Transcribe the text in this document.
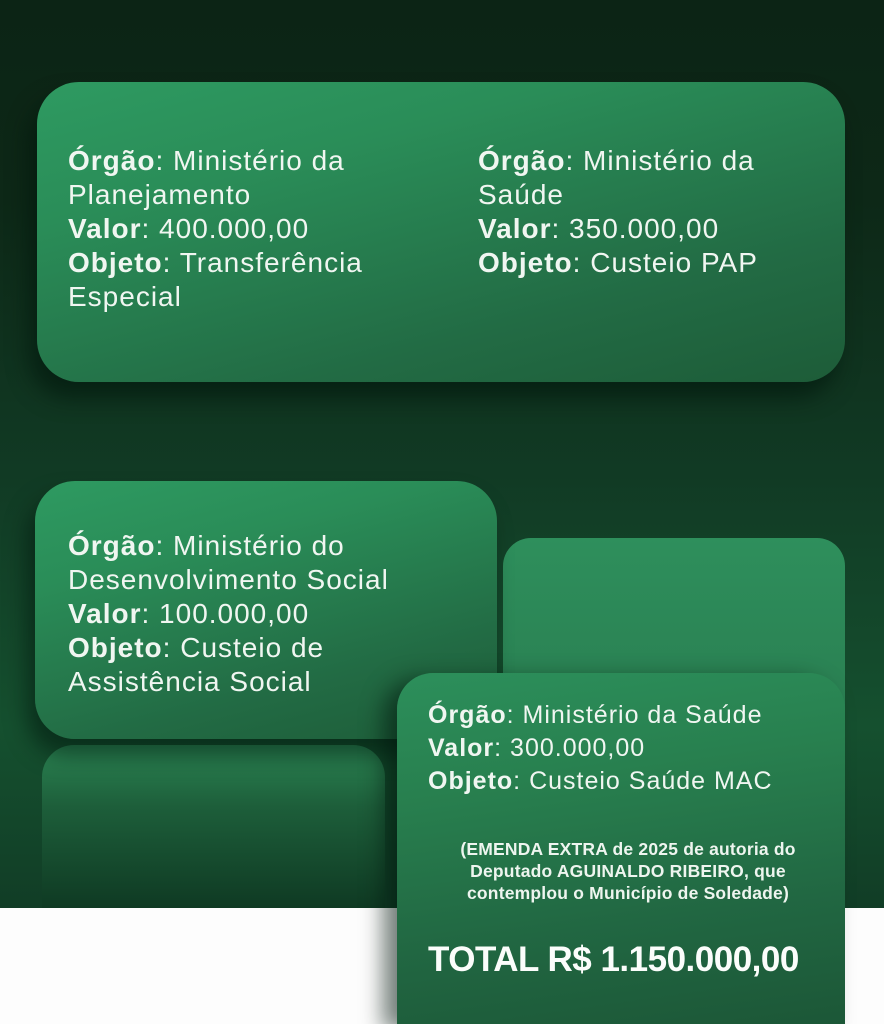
Órgão: Ministério da Planejamento

Valor: 400.000,00

Objeto: Transferência Especial

Órgão: Ministério da Saúde

Valor: 350.000,00

Objeto: Custeio PAP

Órgão: Ministério do Desenvolvimento Social

Valor: 100.000,00

Objeto: Custeio de Assistência Social

Órgão: Ministério da Saúde

Valor: 300.000,00

Objeto: Custeio Saúde MAC

(EMENDA EXTRA de 2025 de autoria do Deputado AGUINALDO RIBEIRO, que contemplou o Município de Soledade)

TOTAL R$ 1.150.000,00
